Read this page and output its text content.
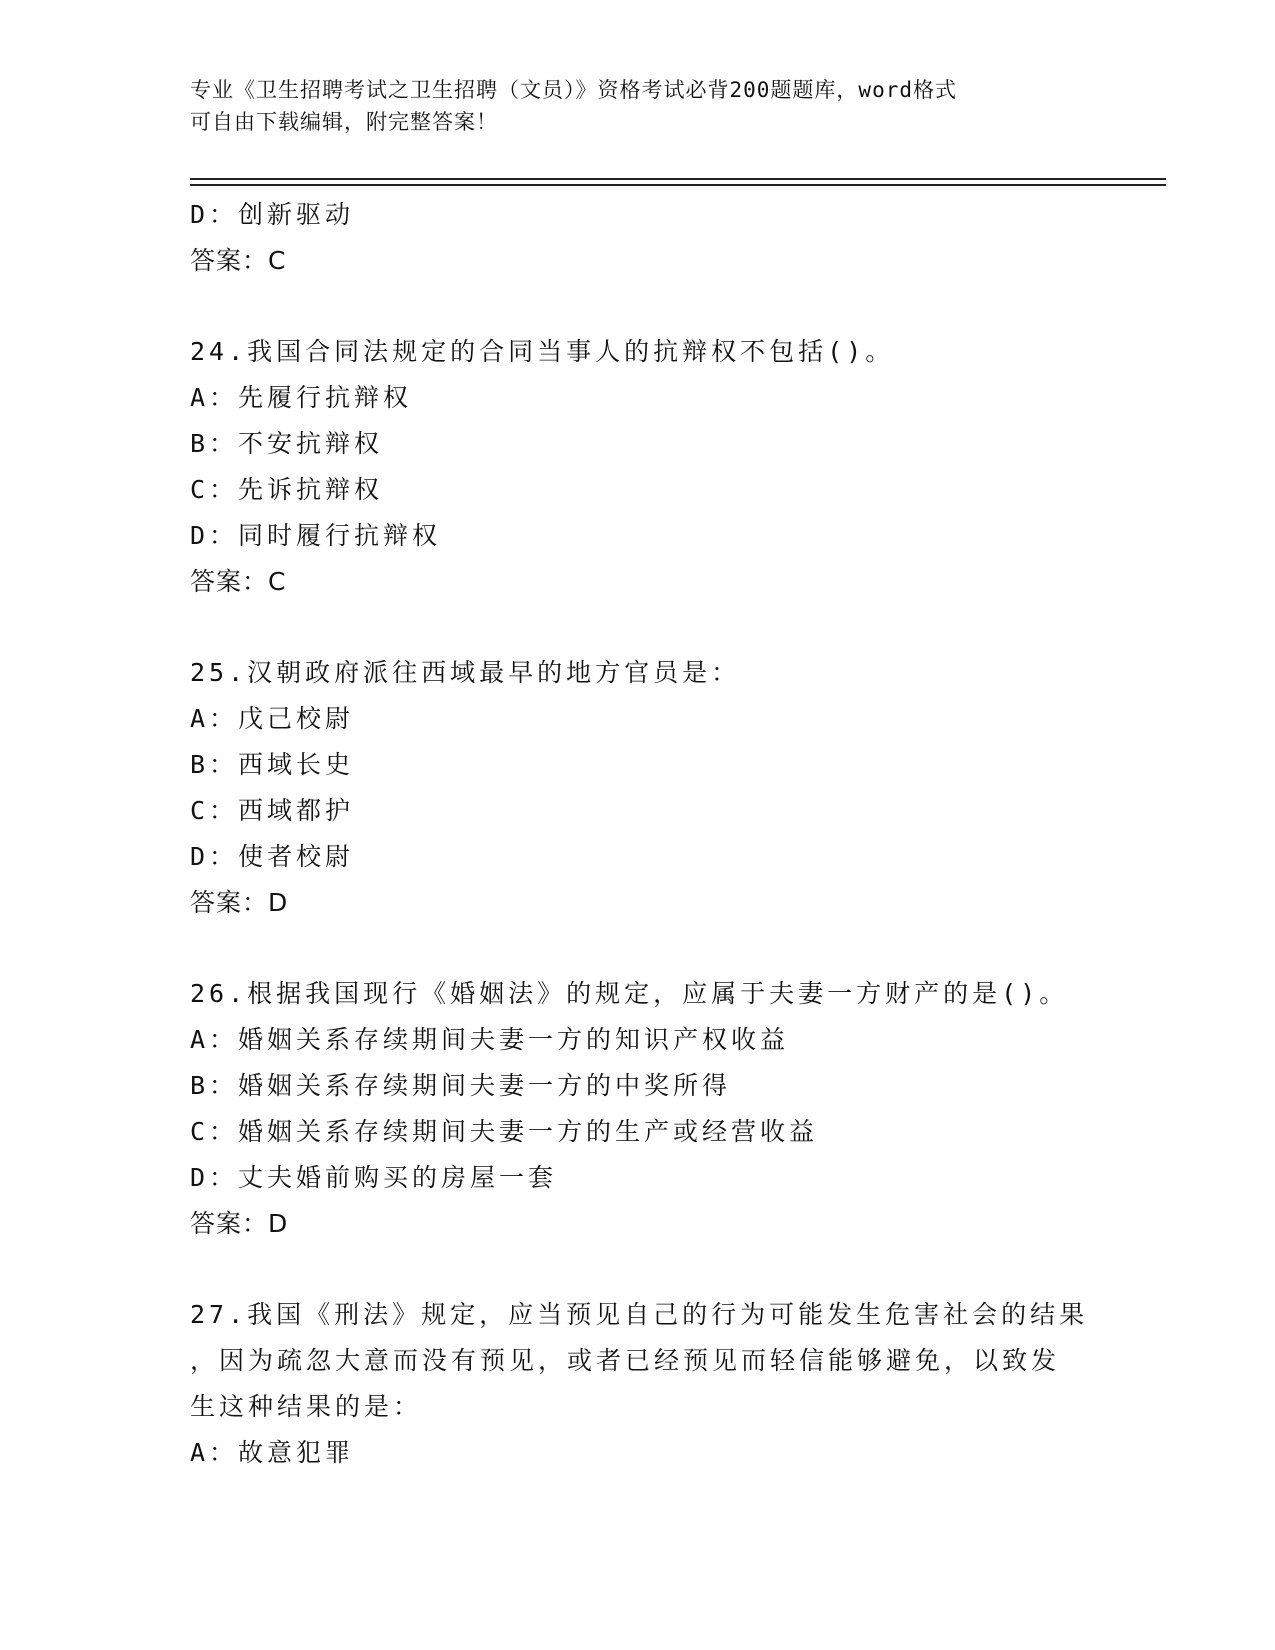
专业《卫生招聘考试之卫生招聘（文员）》资格考试必背200题题库，word格式
可自由下载编辑，附完整答案！
D：创新驱动
答案：C
24.我国合同法规定的合同当事人的抗辩权不包括()。
A：先履行抗辩权
B：不安抗辩权
C：先诉抗辩权
D：同时履行抗辩权
答案：C
25.汉朝政府派往西域最早的地方官员是：
A：戊己校尉
B：西域长史
C：西域都护
D：使者校尉
答案：D
26.根据我国现行《婚姻法》的规定，应属于夫妻一方财产的是()。
A：婚姻关系存续期间夫妻一方的知识产权收益
B：婚姻关系存续期间夫妻一方的中奖所得
C：婚姻关系存续期间夫妻一方的生产或经营收益
D：丈夫婚前购买的房屋一套
答案：D
27.我国《刑法》规定，应当预见自己的行为可能发生危害社会的结果
，因为疏忽大意而没有预见，或者已经预见而轻信能够避免，以致发
生这种结果的是：
A：故意犯罪
